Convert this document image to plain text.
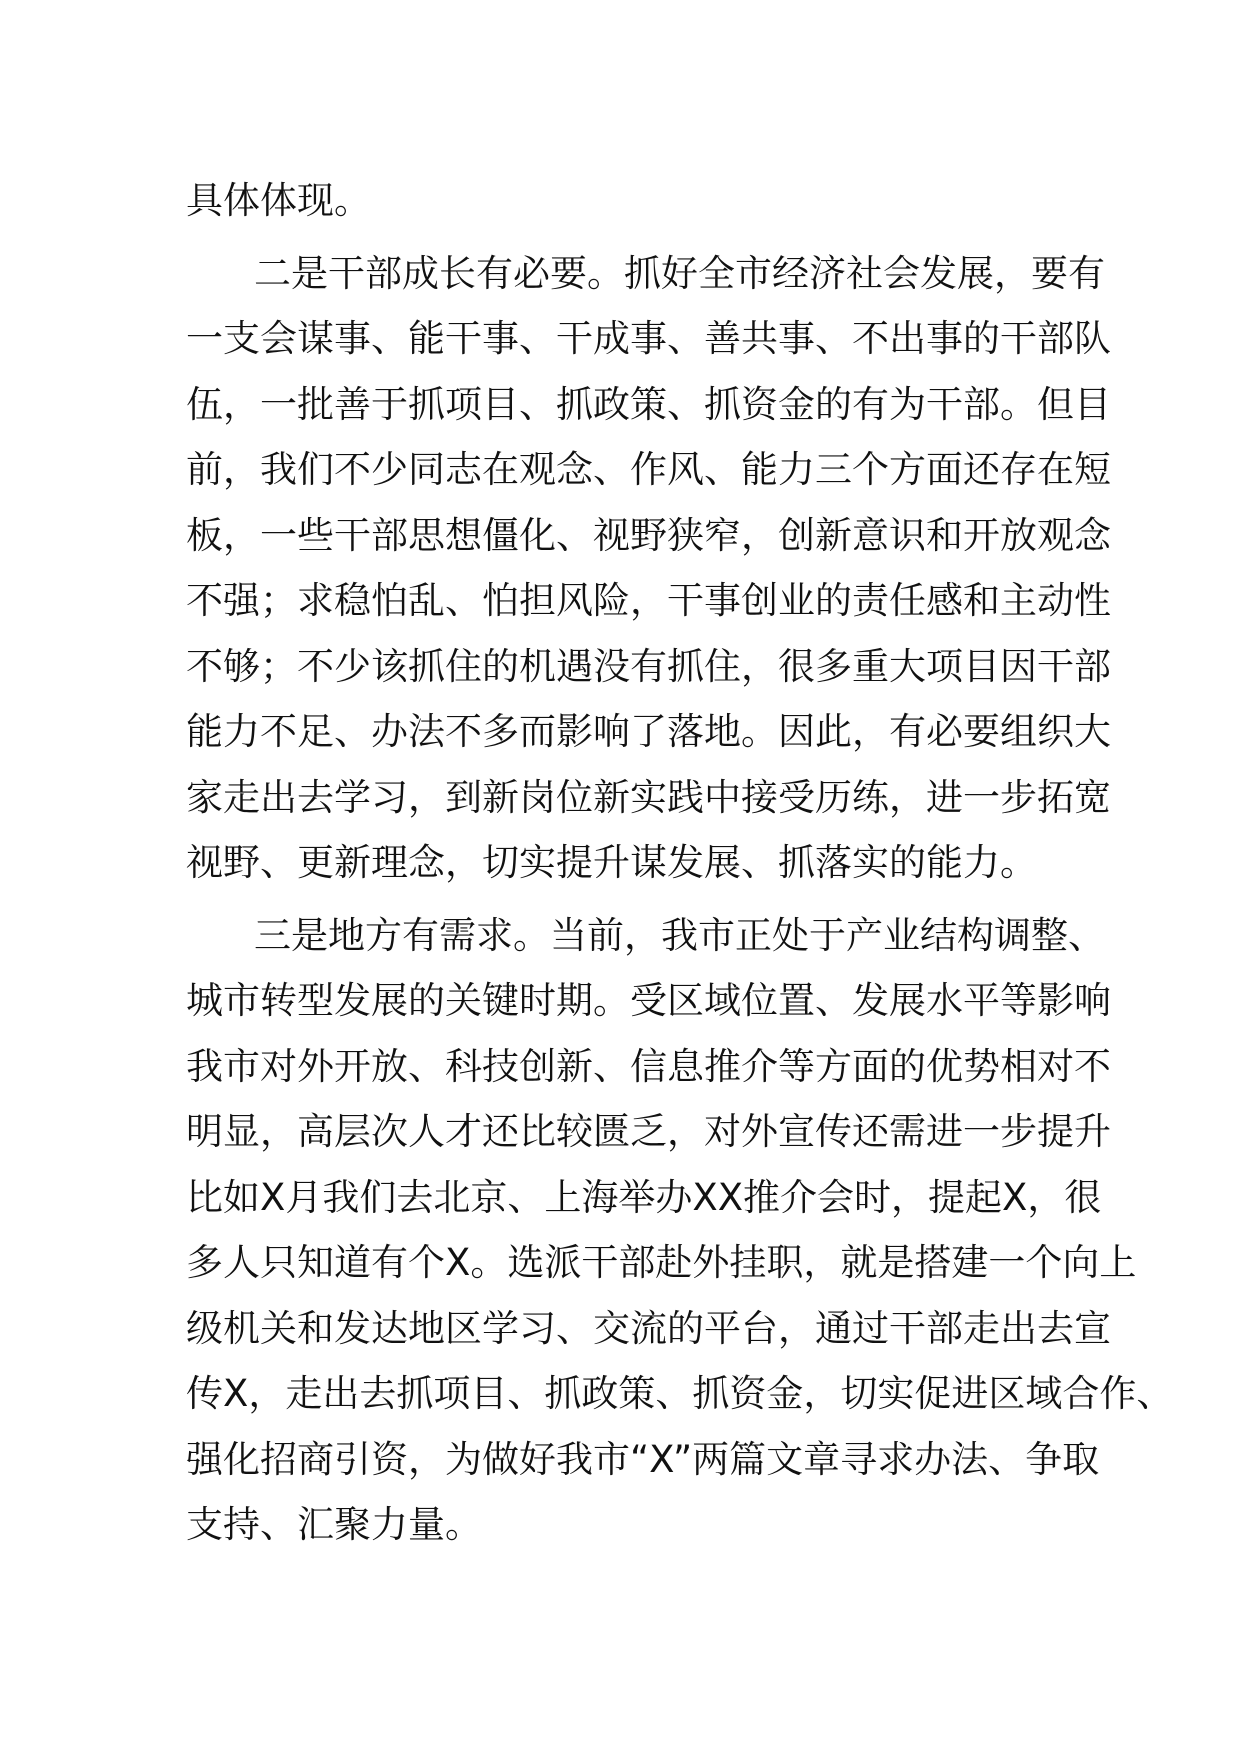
具体体现。
二是干部成长有必要。抓好全市经济社会发展，要有
一支会谋事、能干事、干成事、善共事、不出事的干部队
伍，一批善于抓项目、抓政策、抓资金的有为干部。但目
前，我们不少同志在观念、作风、能力三个方面还存在短
板，一些干部思想僵化、视野狭窄，创新意识和开放观念
不强；求稳怕乱、怕担风险，干事创业的责任感和主动性
不够；不少该抓住的机遇没有抓住，很多重大项目因干部
能力不足、办法不多而影响了落地。因此，有必要组织大
家走出去学习，到新岗位新实践中接受历练，进一步拓宽
视野、更新理念，切实提升谋发展、抓落实的能力。
三是地方有需求。当前，我市正处于产业结构调整、
城市转型发展的关键时期。受区域位置、发展水平等影响
我市对外开放、科技创新、信息推介等方面的优势相对不
明显，高层次人才还比较匮乏，对外宣传还需进一步提升
比如X月我们去北京、上海举办XX推介会时，提起X，很
多人只知道有个X。选派干部赴外挂职，就是搭建一个向上
级机关和发达地区学习、交流的平台，通过干部走出去宣
传X，走出去抓项目、抓政策、抓资金，切实促进区域合作、
强化招商引资，为做好我市“X”两篇文章寻求办法、争取
支持、汇聚力量。
